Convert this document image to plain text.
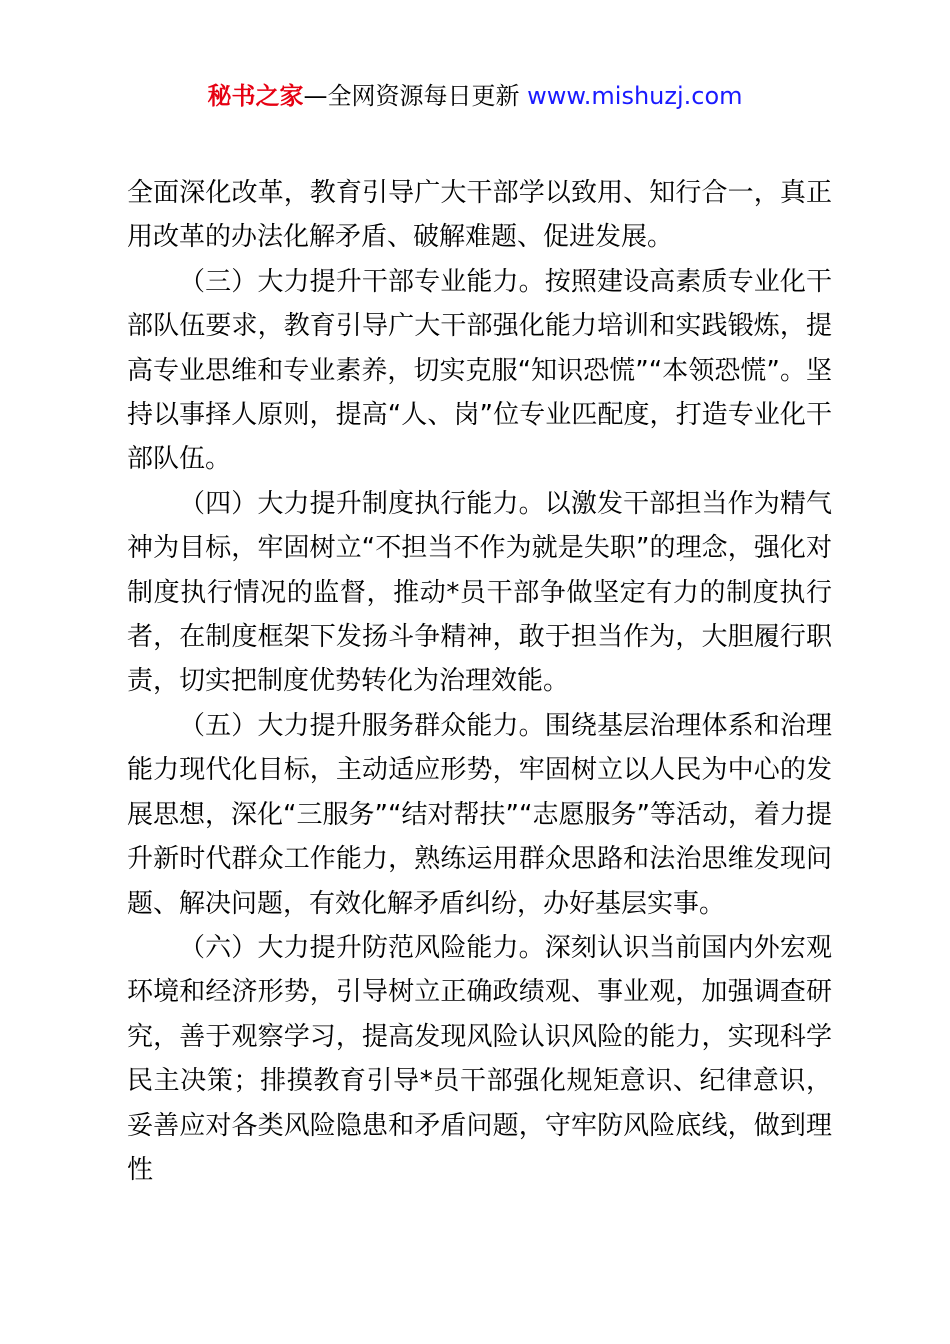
秘书之家—全网资源每日更新 www.mishuzj.com

全面深化改革，教育引导广大干部学以致用、知行合一，真正用改革的办法化解矛盾、破解难题、促进发展。

（三）大力提升干部专业能力。按照建设高素质专业化干部队伍要求，教育引导广大干部强化能力培训和实践锻炼，提高专业思维和专业素养，切实克服“知识恐慌”“本领恐慌”。坚持以事择人原则，提高“人、岗”位专业匹配度，打造专业化干部队伍。

（四）大力提升制度执行能力。以激发干部担当作为精气神为目标，牢固树立“不担当不作为就是失职”的理念，强化对制度执行情况的监督，推动*员干部争做坚定有力的制度执行者，在制度框架下发扬斗争精神，敢于担当作为，大胆履行职责，切实把制度优势转化为治理效能。

（五）大力提升服务群众能力。围绕基层治理体系和治理能力现代化目标，主动适应形势，牢固树立以人民为中心的发展思想，深化“三服务”“结对帮扶”“志愿服务”等活动，着力提升新时代群众工作能力，熟练运用群众思路和法治思维发现问题、解决问题，有效化解矛盾纠纷，办好基层实事。

（六）大力提升防范风险能力。深刻认识当前国内外宏观环境和经济形势，引导树立正确政绩观、事业观，加强调查研究，善于观察学习，提高发现风险认识风险的能力，实现科学民主决策；排摸教育引导*员干部强化规矩意识、纪律意识，妥善应对各类风险隐患和矛盾问题，守牢防风险底线，做到理性
